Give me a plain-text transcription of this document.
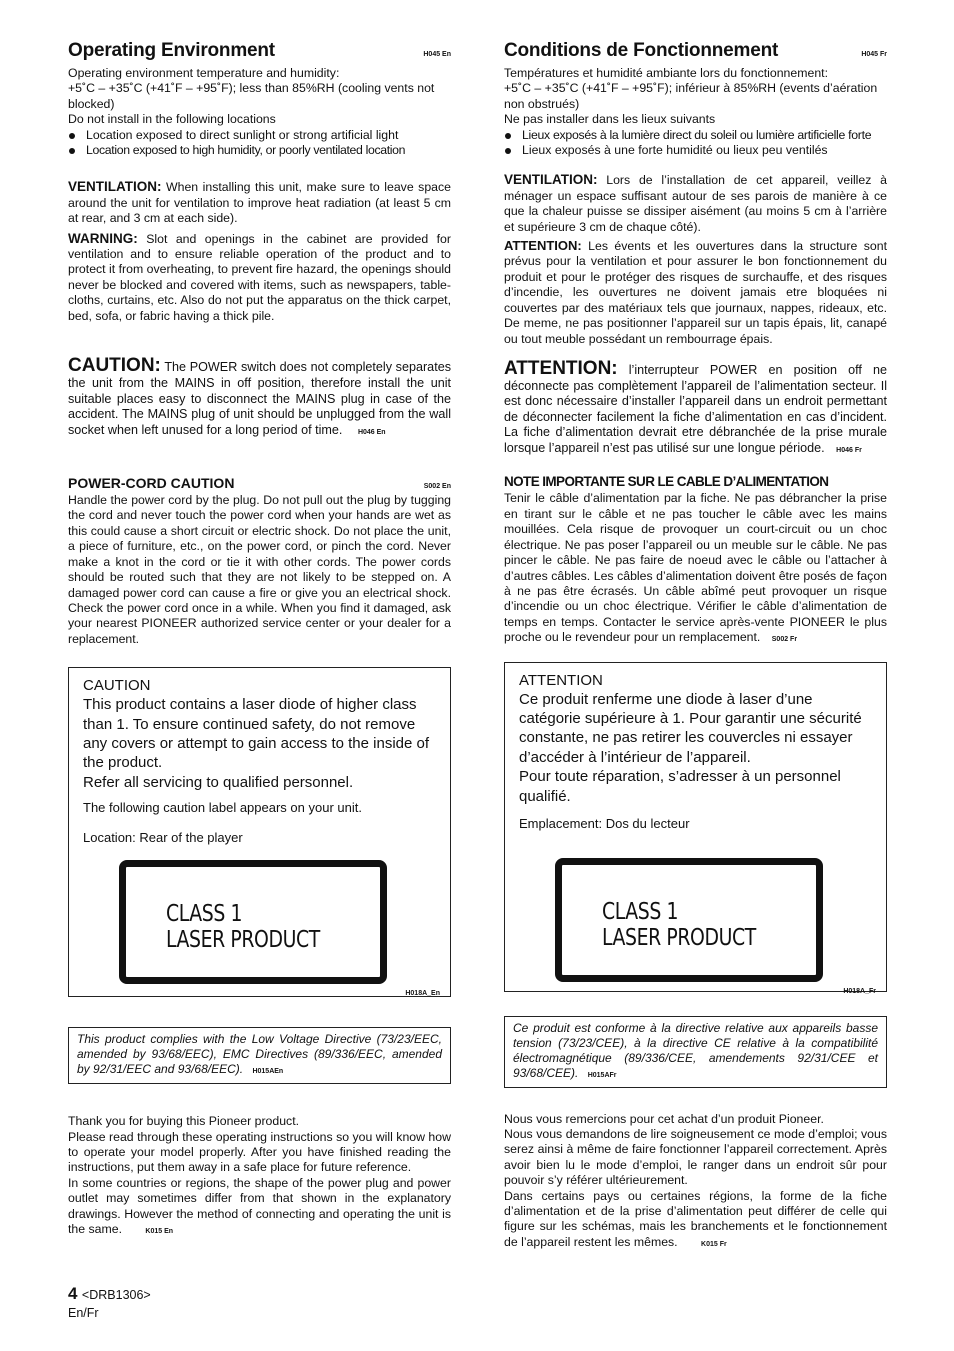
Operating Environment	H045 En

Operating environment temperature and humidity:

+5˚C – +35˚C (+41˚F – +95˚F); less than 85%RH (cooling vents not blocked)

Do not install in the following locations

Location exposed to direct sunlight or strong artificial light
Location exposed to high humidity, or poorly ventilated location

VENTILATION: When installing this unit, make sure to leave space around the unit for ventilation to improve heat radiation (at least 5 cm at rear, and 3 cm at each side).

WARNING: Slot and openings in the cabinet are provided for ventilation and to ensure reliable operation of the product and to protect it from overheating, to prevent fire hazard, the openings should never be blocked and covered with items, such as newspapers, table-cloths, curtains, etc. Also do not put the apparatus on the thick carpet, bed, sofa, or fabric having a thick pile.

CAUTION: The POWER switch does not completely separates the unit from the MAINS in off position, therefore install the unit suitable places easy to disconnect the MAINS plug in case of the accident. The MAINS plug of unit should be unplugged from the wall socket when left unused for a long period of time. H046 En

POWER-CORD CAUTION	S002 En

Handle the power cord by the plug. Do not pull out the plug by tugging the cord and never touch the power cord when your hands are wet as this could cause a short circuit or electric shock. Do not place the unit, a piece of furniture, etc., on the power cord, or pinch the cord. Never make a knot in the cord or tie it with other cords. The power cords should be routed such that they are not likely to be stepped on. A damaged power cord can cause a fire or give you an electrical shock. Check the power cord once in a while. When you find it damaged, ask your nearest PIONEER authorized service center or your dealer for a replacement.

CAUTION
This product contains a laser diode of higher class than 1. To ensure continued safety, do not remove any covers or attempt to gain access to the inside of the product.
Refer all servicing to qualified personnel.
The following caution label appears on your unit.
Location: Rear of the player
CLASS 1
LASER PRODUCT
H018A_En
This product complies with the Low Voltage Directive (73/23/EEC, amended by 93/68/EEC), EMC Directives (89/336/EEC, amended by 92/31/EEC and 93/68/EEC). H015AEn

Thank you for buying this Pioneer product.

Please read through these operating instructions so you will know how to operate your model properly. After you have finished reading the instructions, put them away in a safe place for future reference.

In some countries or regions, the shape of the power plug and power outlet may sometimes differ from that shown in the explanatory drawings. However the method of connecting and operating the unit is the same.	K015 En

Conditions de Fonctionnement	H045 Fr

Températures et humidité ambiante lors du fonctionnement:

+5˚C – +35˚C (+41˚F – +95˚F); inférieur à 85%RH (events d’aération non obstrués)

Ne pas installer dans les lieux suivants

Lieux exposés à la lumière direct du soleil ou lumière artificielle forte
Lieux exposés à une forte humidité ou lieux peu ventilés

VENTILATION: Lors de l’installation de cet appareil, veillez à ménager un espace suffisant autour de ses parois de manière à ce que la chaleur puisse se dissiper aisément (au moins 5 cm à l’arrière et supérieure 3 cm de chaque côté).

ATTENTION: Les évents et les ouvertures dans la structure sont prévus pour la ventilation et pour assurer le bon fonctionnement du produit et pour le protéger des risques de surchauffe, et des risques d’incendie, les ouvertures ne doivent jamais etre bloquées ni couvertes par des matériaux tels que journaux, nappes, rideaux, etc. De meme, ne pas positionner l’appareil sur un tapis épais, lit, canapé ou tout meuble possédant un rembourrage épais.

ATTENTION: l’interrupteur POWER en position off ne déconnecte pas complètement l’appareil de l’alimentation secteur. Il est donc nécessaire d’installer l’appareil dans un endroit permettant de déconnecter facilement la fiche d’alimentation en cas d’incident. La fiche d’alimentation devrait etre débranchée de la prise murale lorsque l’appareil n’est pas utilisé sur une longue période. H046 Fr

NOTE IMPORTANTE SUR LE CABLE D’ALIMENTATION

Tenir le câble d’alimentation par la fiche. Ne pas débrancher la prise en tirant sur le câble et ne pas toucher le câble avec les mains mouillées. Cela risque de provoquer un court-circuit ou un choc électrique. Ne pas poser l’appareil ou un meuble sur le câble. Ne pas pincer le câble. Ne pas faire de noeud avec le câble ou l’attacher à d’autres câbles. Les câbles d’alimentation doivent être posés de façon à ne pas être écrasés. Un câble abîmé peut provoquer un risque d’incendie ou un choc électrique. Vérifier le câble d’alimentation de temps en temps. Contacter le service après-vente PIONEER le plus proche ou le revendeur pour un remplacement. S002 Fr

ATTENTION
Ce produit renferme une diode à laser d’une catégorie supérieure à 1. Pour garantir une sécurité constante, ne pas retirer les couvercles ni essayer d’accéder à l’intérieur de l’appareil.
Pour toute réparation, s’adresser à un personnel qualifié.
Emplacement: Dos du lecteur
CLASS 1
LASER PRODUCT
H018A_Fr
Ce produit est conforme à la directive relative aux appareils basse tension (73/23/CEE), à la directive CE relative à la compatibilité électromagnétique (89/336/CEE, amendements 92/31/CEE et 93/68/CEE). H015AFr

Nous vous remercions pour cet achat d’un produit Pioneer.

Nous vous demandons de lire soigneusement ce mode d’emploi; vous serez ainsi à même de faire fonctionner l’appareil correctement. Après avoir bien lu le mode d’emploi, le ranger dans un endroit sûr pour pouvoir s’y référer ultérieurement.

Dans certains pays ou certaines régions, la forme de la fiche d’alimentation et de la prise d’alimentation peut différer de celle qui figure sur les schémas, mais les branchements et le fonctionnement de l’appareil restent les mêmes.	K015 Fr

4 <DRB1306>
En/Fr
